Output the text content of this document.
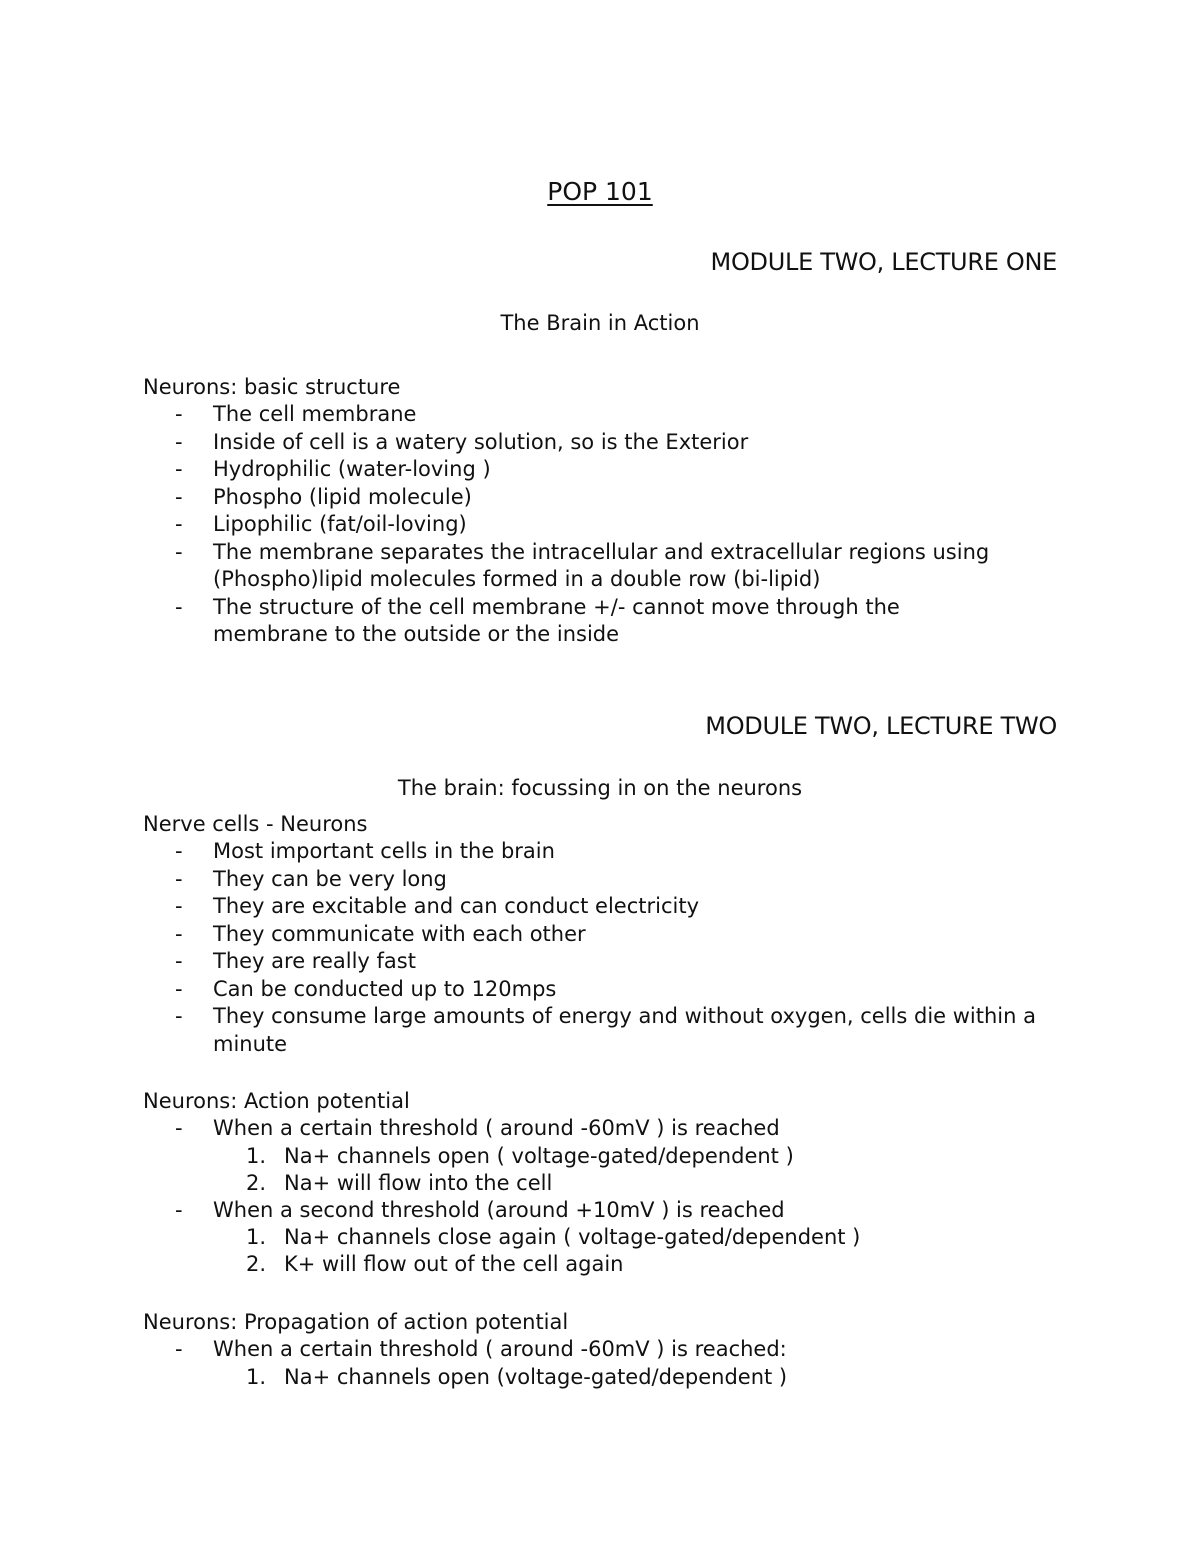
POP 101
MODULE TWO, LECTURE ONE
The Brain in Action
Neurons: basic structure
- The cell membrane
- Inside of cell is a watery solution, so is the Exterior
- Hydrophilic (water-loving )
- Phospho (lipid molecule)
- Lipophilic (fat/oil-loving)
- The membrane separates the intracellular and extracellular regions using (Phospho)lipid molecules formed in a double row (bi-lipid)
- The structure of the cell membrane +/- cannot move through the membrane to the outside or the inside
MODULE TWO, LECTURE TWO
The brain: focussing in on the neurons
Nerve cells - Neurons
- Most important cells in the brain
- They can be very long
- They are excitable and can conduct electricity
- They communicate with each other
- They are really fast
- Can be conducted up to 120mps
- They consume large amounts of energy and without oxygen, cells die within a minute
Neurons: Action potential
- When a certain threshold ( around -60mV ) is reached
1. Na+ channels open ( voltage-gated/dependent )
2. Na+ will flow into the cell
- When a second threshold (around +10mV ) is reached
1. Na+ channels close again ( voltage-gated/dependent )
2. K+ will flow out of the cell again
Neurons: Propagation of action potential
- When a certain threshold ( around -60mV ) is reached:
1. Na+ channels open (voltage-gated/dependent )
